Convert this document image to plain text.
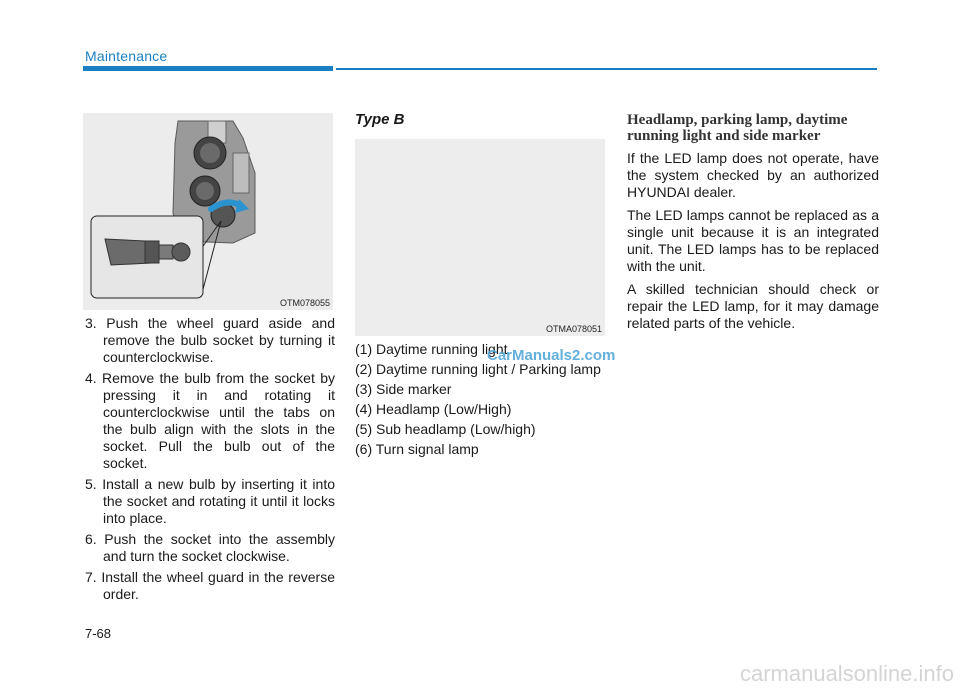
Maintenance
OTM078055
3. Push the wheel guard aside and remove the bulb socket by turning it counterclockwise.
4. Remove the bulb from the socket by pressing it in and rotating it counterclockwise until the tabs on the bulb align with the slots in the socket. Pull the bulb out of the socket.
5. Install a new bulb by inserting it into the socket and rotating it until it locks into place.
6. Push the socket into the assembly and turn the socket clockwise.
7. Install the wheel guard in the reverse order.
Type B
OTMA078051
(1) Daytime running light
(2) Daytime running light / Parking lamp
(3) Side marker
(4) Headlamp (Low/High)
(5) Sub headlamp (Low/high)
(6) Turn signal lamp
CarManuals2.com
Headlamp, parking lamp, daytime running light and side marker

If the LED lamp does not operate, have the system checked by an authorized HYUNDAI dealer.

The LED lamps cannot be replaced as a single unit because it is an integrated unit. The LED lamps has to be replaced with the unit.

A skilled technician should check or repair the LED lamp, for it may damage related parts of the vehicle.

7-68
carmanualsonline.info
